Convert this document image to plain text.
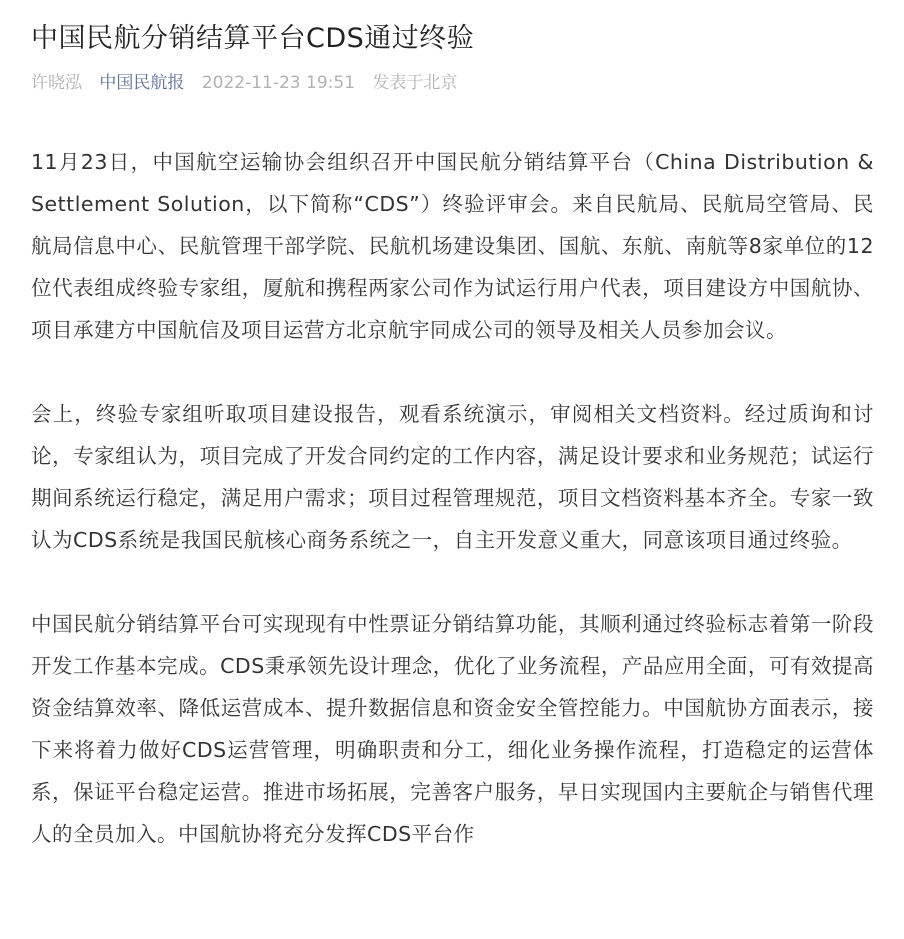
中国民航分销结算平台CDS通过终验
许晓泓 中国民航报 2022-11-23 19:51 发表于北京

11月23日，中国航空运输协会组织召开中国民航分销结算平台（China Distribution & Settlement Solution，以下简称“CDS”）终验评审会。来自民航局、民航局空管局、民航局信息中心、民航管理干部学院、民航机场建设集团、国航、东航、南航等8家单位的12位代表组成终验专家组，厦航和携程两家公司作为试运行用户代表，项目建设方中国航协、项目承建方中国航信及项目运营方北京航宇同成公司的领导及相关人员参加会议。

会上，终验专家组听取项目建设报告，观看系统演示，审阅相关文档资料。经过质询和讨论，专家组认为，项目完成了开发合同约定的工作内容，满足设计要求和业务规范；试运行期间系统运行稳定，满足用户需求；项目过程管理规范，项目文档资料基本齐全。专家一致认为CDS系统是我国民航核心商务系统之一，自主开发意义重大，同意该项目通过终验。

中国民航分销结算平台可实现现有中性票证分销结算功能，其顺利通过终验标志着第一阶段开发工作基本完成。CDS秉承领先设计理念，优化了业务流程，产品应用全面，可有效提高资金结算效率、降低运营成本、提升数据信息和资金安全管控能力。中国航协方面表示，接下来将着力做好CDS运营管理，明确职责和分工，细化业务操作流程，打造稳定的运营体系，保证平台稳定运营。推进市场拓展，完善客户服务，早日实现国内主要航企与销售代理人的全员加入。中国航协将充分发挥CDS平台作
